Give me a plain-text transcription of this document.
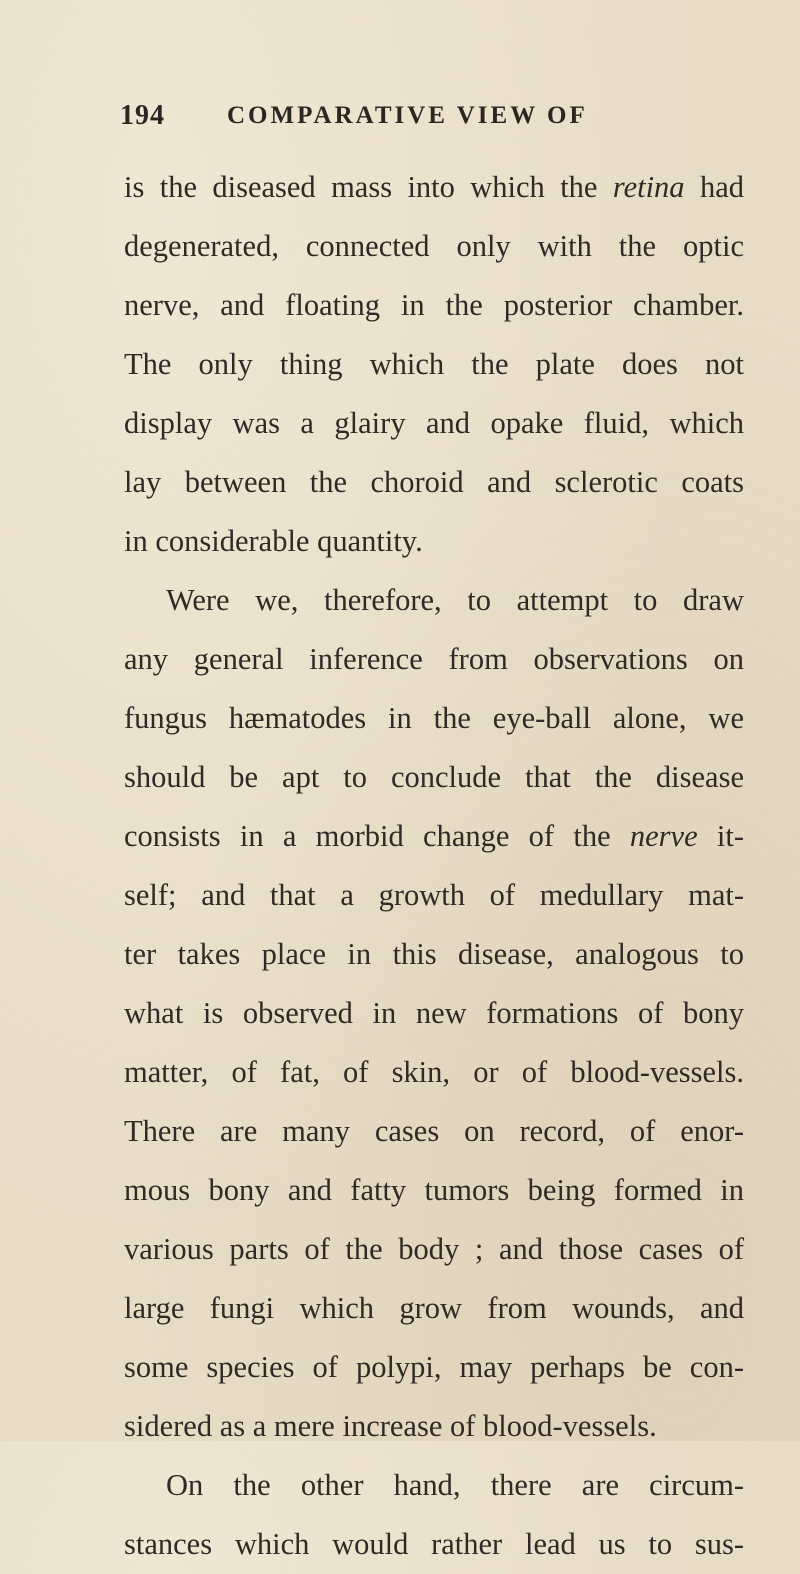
194 COMPARATIVE VIEW OF
is the diseased mass into which the retina had
degenerated, connected only with the optic
nerve, and floating in the posterior chamber.
The only thing which the plate does not
display was a glairy and opake fluid, which
lay between the choroid and sclerotic coats
in considerable quantity.
Were we, therefore, to attempt to draw
any general inference from observations on
fungus hæmatodes in the eye-ball alone, we
should be apt to conclude that the disease
consists in a morbid change of the nerve it-
self; and that a growth of medullary mat-
ter takes place in this disease, analogous to
what is observed in new formations of bony
matter, of fat, of skin, or of blood-vessels.
There are many cases on record, of enor-
mous bony and fatty tumors being formed in
various parts of the body ; and those cases of
large fungi which grow from wounds, and
some species of polypi, may perhaps be con-
sidered as a mere increase of blood-vessels.
On the other hand, there are circum-
stances which would rather lead us to sus-
